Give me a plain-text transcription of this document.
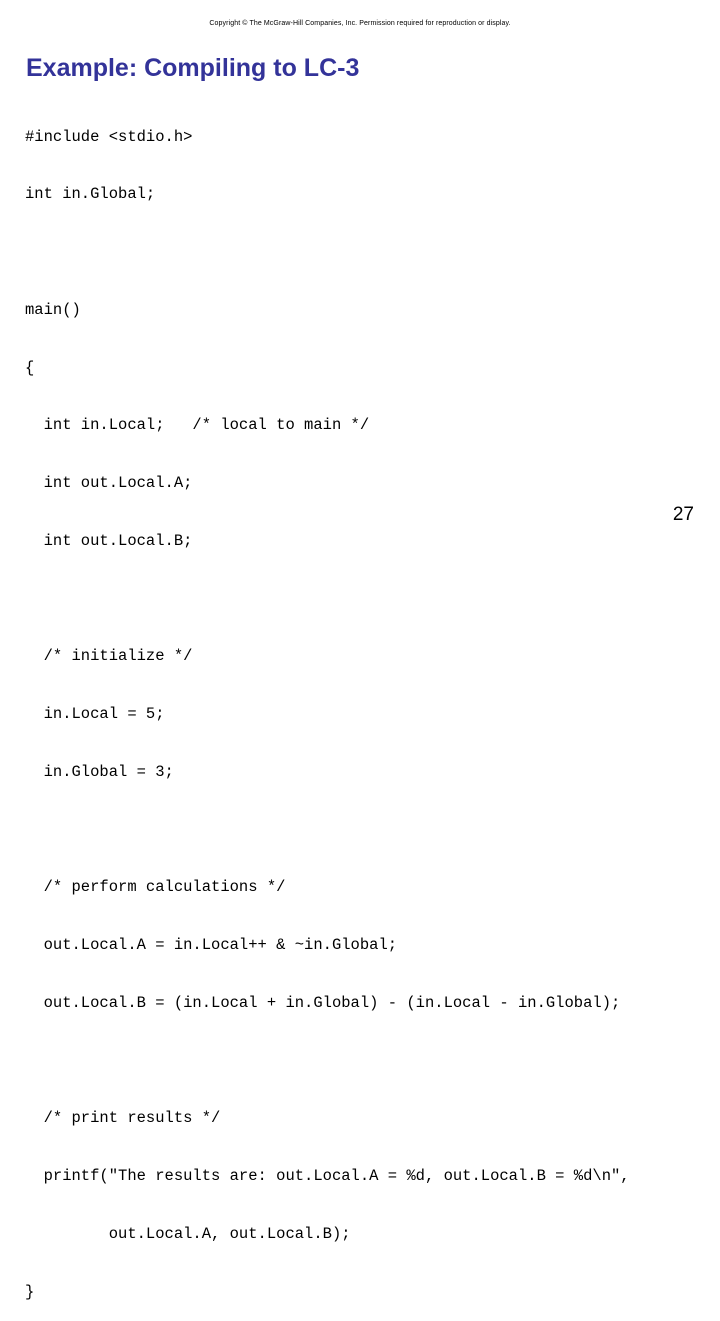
Copyright © The McGraw-Hill Companies, Inc. Permission required for reproduction or display.
Example: Compiling to LC-3

#include <stdio.h>

int in.Global;

main()

{

int in.Local;   /* local to main */

int out.Local.A;

int out.Local.B;

/* initialize */

in.Local = 5;

in.Global = 3;

/* perform calculations */

out.Local.A = in.Local++ & ~in.Global;

out.Local.B = (in.Local + in.Global) - (in.Local - in.Global);

/* print results */

printf("The results are: out.Local.A = %d, out.Local.B = %d\n",

out.Local.A, out.Local.B);

}

27
